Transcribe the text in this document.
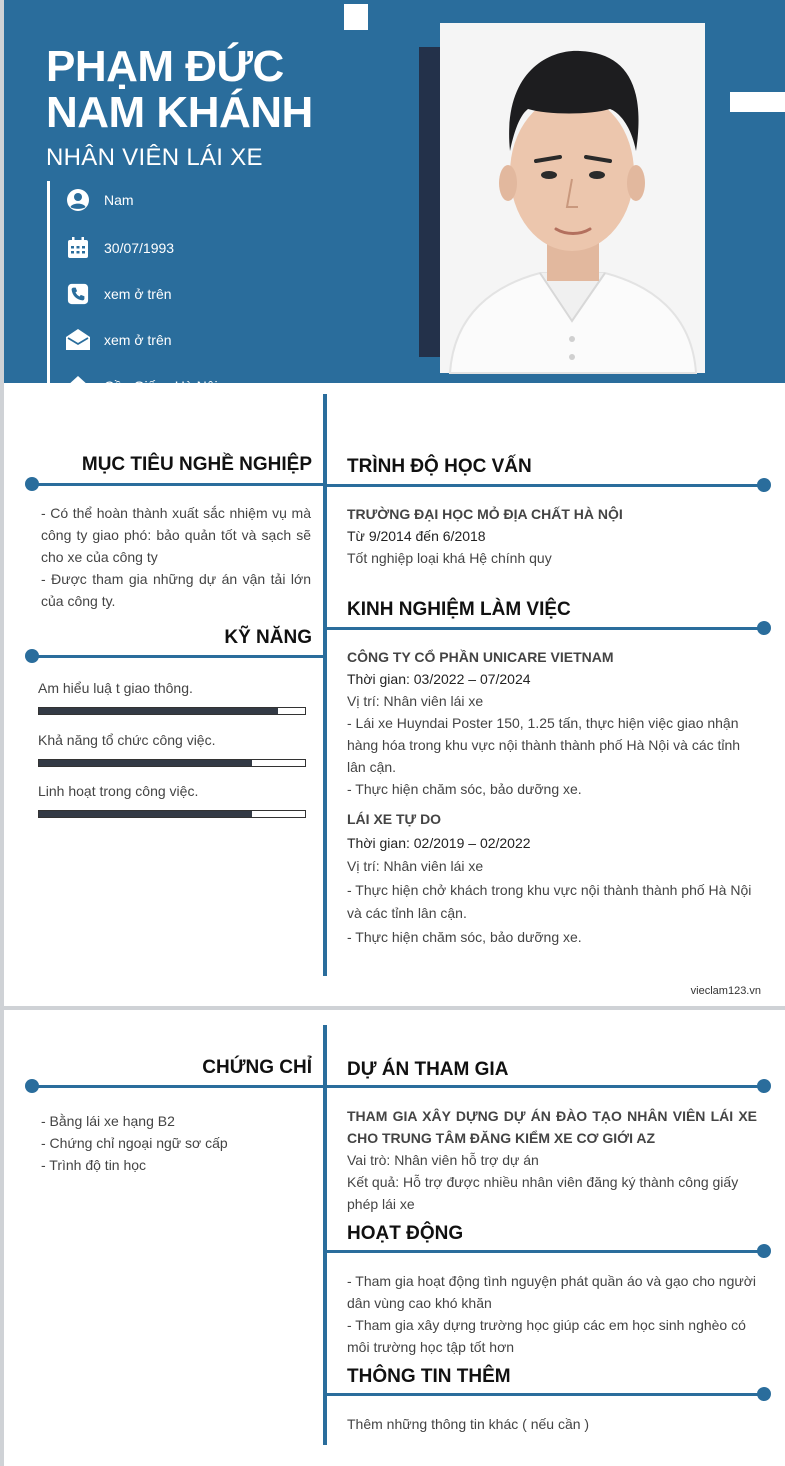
PHẠM ĐỨC
NAM KHÁNH
NHÂN VIÊN LÁI XE
Nam
30/07/1993
xem ở trên
xem ở trên
Cầu Giấy - Hà Nội
MỤC TIÊU NGHỀ NGHIỆP
- Có thể hoàn thành xuất sắc nhiệm vụ mà công ty giao phó: bảo quản tốt và sạch sẽ cho xe của công ty
- Được tham gia những dự án vận tải lớn của công ty.
KỸ NĂNG
Am hiểu luậ t giao thông.
Khả năng tổ chức công việc.
Linh hoạt trong công việc.
TRÌNH ĐỘ HỌC VẤN
TRƯỜNG ĐẠI HỌC MỎ ĐỊA CHẤT HÀ NỘI
Từ 9/2014 đến 6/2018
Tốt nghiệp loại khá Hệ chính quy
KINH NGHIỆM LÀM VIỆC
CÔNG TY CỔ PHẦN UNICARE VIETNAM
Thời gian: 03/2022 – 07/2024
Vị trí: Nhân viên lái xe
- Lái xe Huyndai Poster 150, 1.25 tấn, thực hiện việc giao nhận hàng hóa trong khu vực nội thành thành phố Hà Nội và các tỉnh lân cận.
- Thực hiện chăm sóc, bảo dưỡng xe.
LÁI XE TỰ DO
Thời gian: 02/2019 – 02/2022
Vị trí: Nhân viên lái xe
- Thực hiện chở khách trong khu vực nội thành thành phố Hà Nội và các tỉnh lân cận.
- Thực hiện chăm sóc, bảo dưỡng xe.
vieclam123.vn
CHỨNG CHỈ
- Bằng lái xe hạng B2
- Chứng chỉ ngoại ngữ sơ cấp
- Trình độ tin học
DỰ ÁN THAM GIA
THAM GIA XÂY DỰNG DỰ ÁN ĐÀO TẠO NHÂN VIÊN LÁI XE CHO TRUNG TÂM ĐĂNG KIỂM XE CƠ GIỚI AZ
Vai trò: Nhân viên hỗ trợ dự án
Kết quả: Hỗ trợ được nhiều nhân viên đăng ký thành công giấy phép lái xe
HOẠT ĐỘNG
- Tham gia hoạt động tình nguyện phát quần áo và gạo cho người dân vùng cao khó khăn
- Tham gia xây dựng trường học giúp các em học sinh nghèo có môi trường học tập tốt hơn
THÔNG TIN THÊM
Thêm những thông tin khác ( nếu cần )
